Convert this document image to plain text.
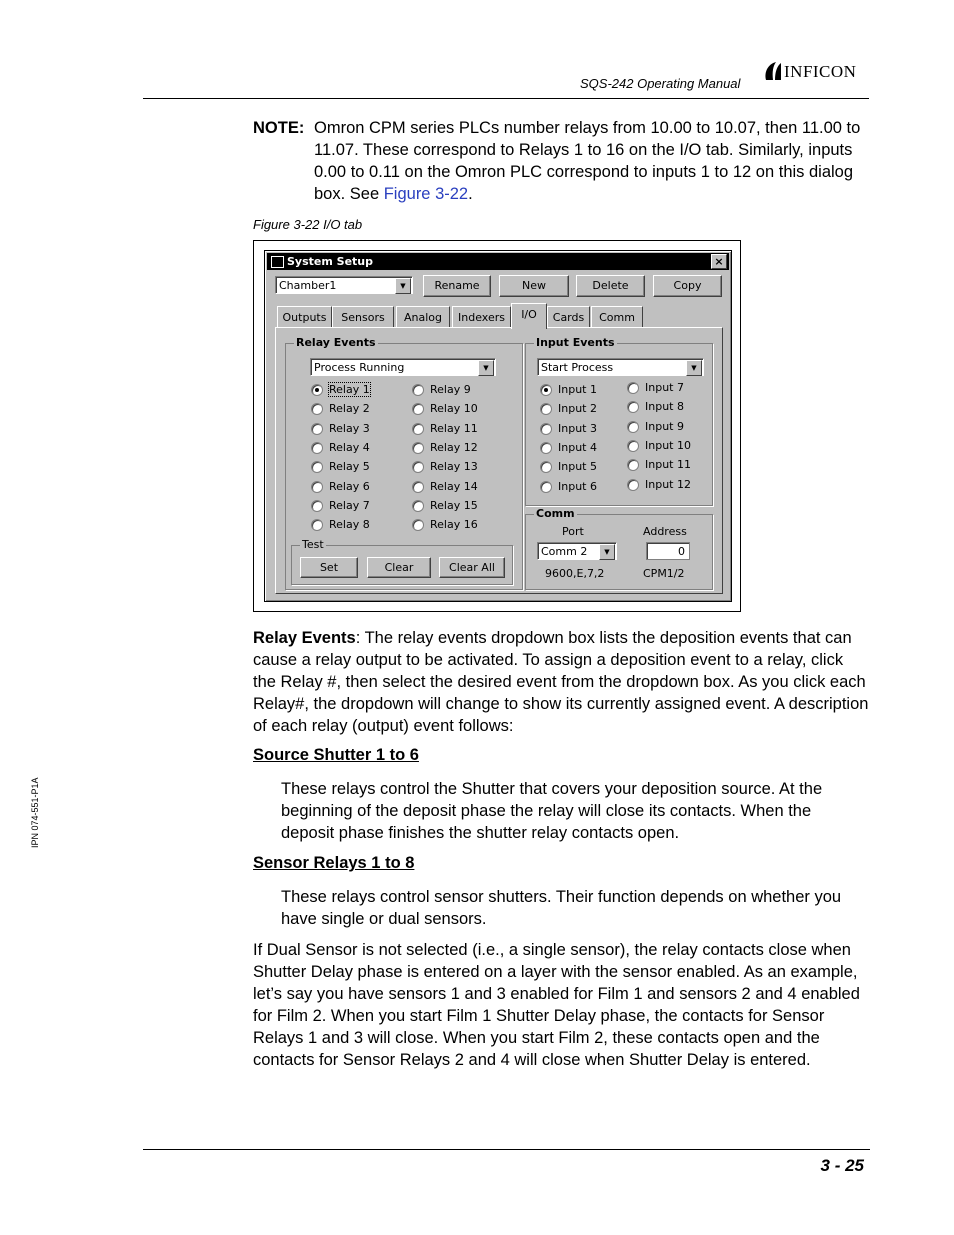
SQS-242 Operating Manual
INFICON
IPN 074-551-P1A
NOTE: Omron CPM series PLCs number relays from 10.00 to 10.07, then 11.00 to 11.07. These correspond to Relays 1 to 16 on the I/O tab. Similarly, inputs 0.00 to 0.11 on the Omron PLC correspond to inputs 1 to 12 on this dialog box. See Figure 3-22.
Figure 3-22 I/O tab
System Setup	×
Chamber1	▼	Rename	New	Delete	Copy
Outputs	Sensors	Analog	Indexers	I/O	Cards	Comm
Relay Events
Process Running	▼
Relay 1
Relay 2
Relay 3
Relay 4
Relay 5
Relay 6
Relay 7
Relay 8
Relay 9
Relay 10
Relay 11
Relay 12
Relay 13
Relay 14
Relay 15
Relay 16
Test
Set	Clear	Clear All
Input Events
Start Process	▼
Input 1
Input 2
Input 3
Input 4
Input 5
Input 6
Input 7
Input 8
Input 9
Input 10
Input 11
Input 12
Comm
Port	Address
Comm 2	▼	0
9600,E,7,2	CPM1/2
Relay Events: The relay events dropdown box lists the deposition events that can cause a relay output to be activated. To assign a deposition event to a relay, click the Relay #, then select the desired event from the dropdown box. As you click each Relay#, the dropdown will change to show its currently assigned event. A description of each relay (output) event follows:
Source Shutter 1 to 6
These relays control the Shutter that covers your deposition source. At the beginning of the deposit phase the relay will close its contacts. When the deposit phase finishes the shutter relay contacts open.
Sensor Relays 1 to 8
These relays control sensor shutters. Their function depends on whether you have single or dual sensors.
If Dual Sensor is not selected (i.e., a single sensor), the relay contacts close when Shutter Delay phase is entered on a layer with the sensor enabled. As an example, let’s say you have sensors 1 and 3 enabled for Film 1 and sensors 2 and 4 enabled for Film 2. When you start Film 1 Shutter Delay phase, the contacts for Sensor Relays 1 and 3 will close. When you start Film 2, these contacts open and the contacts for Sensor Relays 2 and 4 will close when Shutter Delay is entered.
3 - 25
